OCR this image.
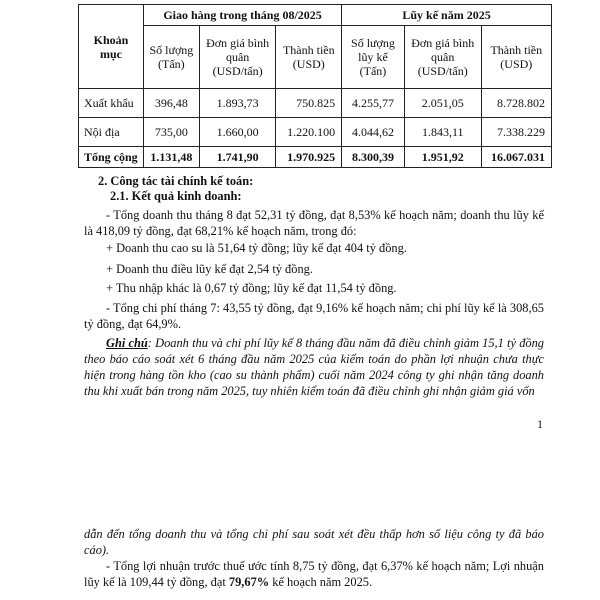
Khoản mục	Giao hàng trong tháng 08/2025			Lũy kế năm 2025		
	Số lượng (Tấn)	Đơn giá bình quân (USD/tấn)	Thành tiền (USD)	Số lượng lũy kế (Tấn)	Đơn giá bình quân (USD/tấn)	Thành tiền (USD)
Xuất khẩu	396,48	1.893,73	750.825	4.255,77	2.051,05	8.728.802
Nội địa	735,00	1.660,00	1.220.100	4.044,62	1.843,11	7.338.229
Tổng cộng	1.131,48	1.741,90	1.970.925	8.300,39	1.951,92	16.067.031
2. Công tác tài chính kế toán:
2.1. Kết quả kinh doanh:
- Tổng doanh thu tháng 8 đạt 52,31 tỷ đồng, đạt 8,53% kế hoạch năm; doanh thu lũy kế là 418,09 tỷ đồng, đạt 68,21% kế hoạch năm, trong đó:
+ Doanh thu cao su là 51,64 tỷ đồng; lũy kế đạt 404 tỷ đồng.
+ Doanh thu điều lũy kế đạt 2,54 tỷ đồng.
+ Thu nhập khác là 0,67 tỷ đồng; lũy kế đạt 11,54 tỷ đồng.
- Tổng chi phí tháng 7: 43,55 tỷ đồng, đạt 9,16% kế hoạch năm; chi phí lũy kế là 308,65 tỷ đồng, đạt 64,9%.
Ghi chú: Doanh thu và chi phí lũy kế 8 tháng đầu năm đã điều chỉnh giảm 15,1 tỷ đồng theo báo cáo soát xét 6 tháng đầu năm 2025 của kiểm toán do phần lợi nhuận chưa thực hiện trong hàng tồn kho (cao su thành phẩm) cuối năm 2024 công ty ghi nhận tăng doanh thu khi xuất bán trong năm 2025, tuy nhiên kiểm toán đã điều chỉnh ghi nhận giảm giá vốn
1
dẫn đến tổng doanh thu và tổng chi phí sau soát xét đều thấp hơn số liệu công ty đã báo cáo).
- Tổng lợi nhuận trước thuế ước tính 8,75 tỷ đồng, đạt 6,37% kế hoạch năm; Lợi nhuận lũy kế là 109,44 tỷ đồng, đạt 79,67% kế hoạch năm 2025.
